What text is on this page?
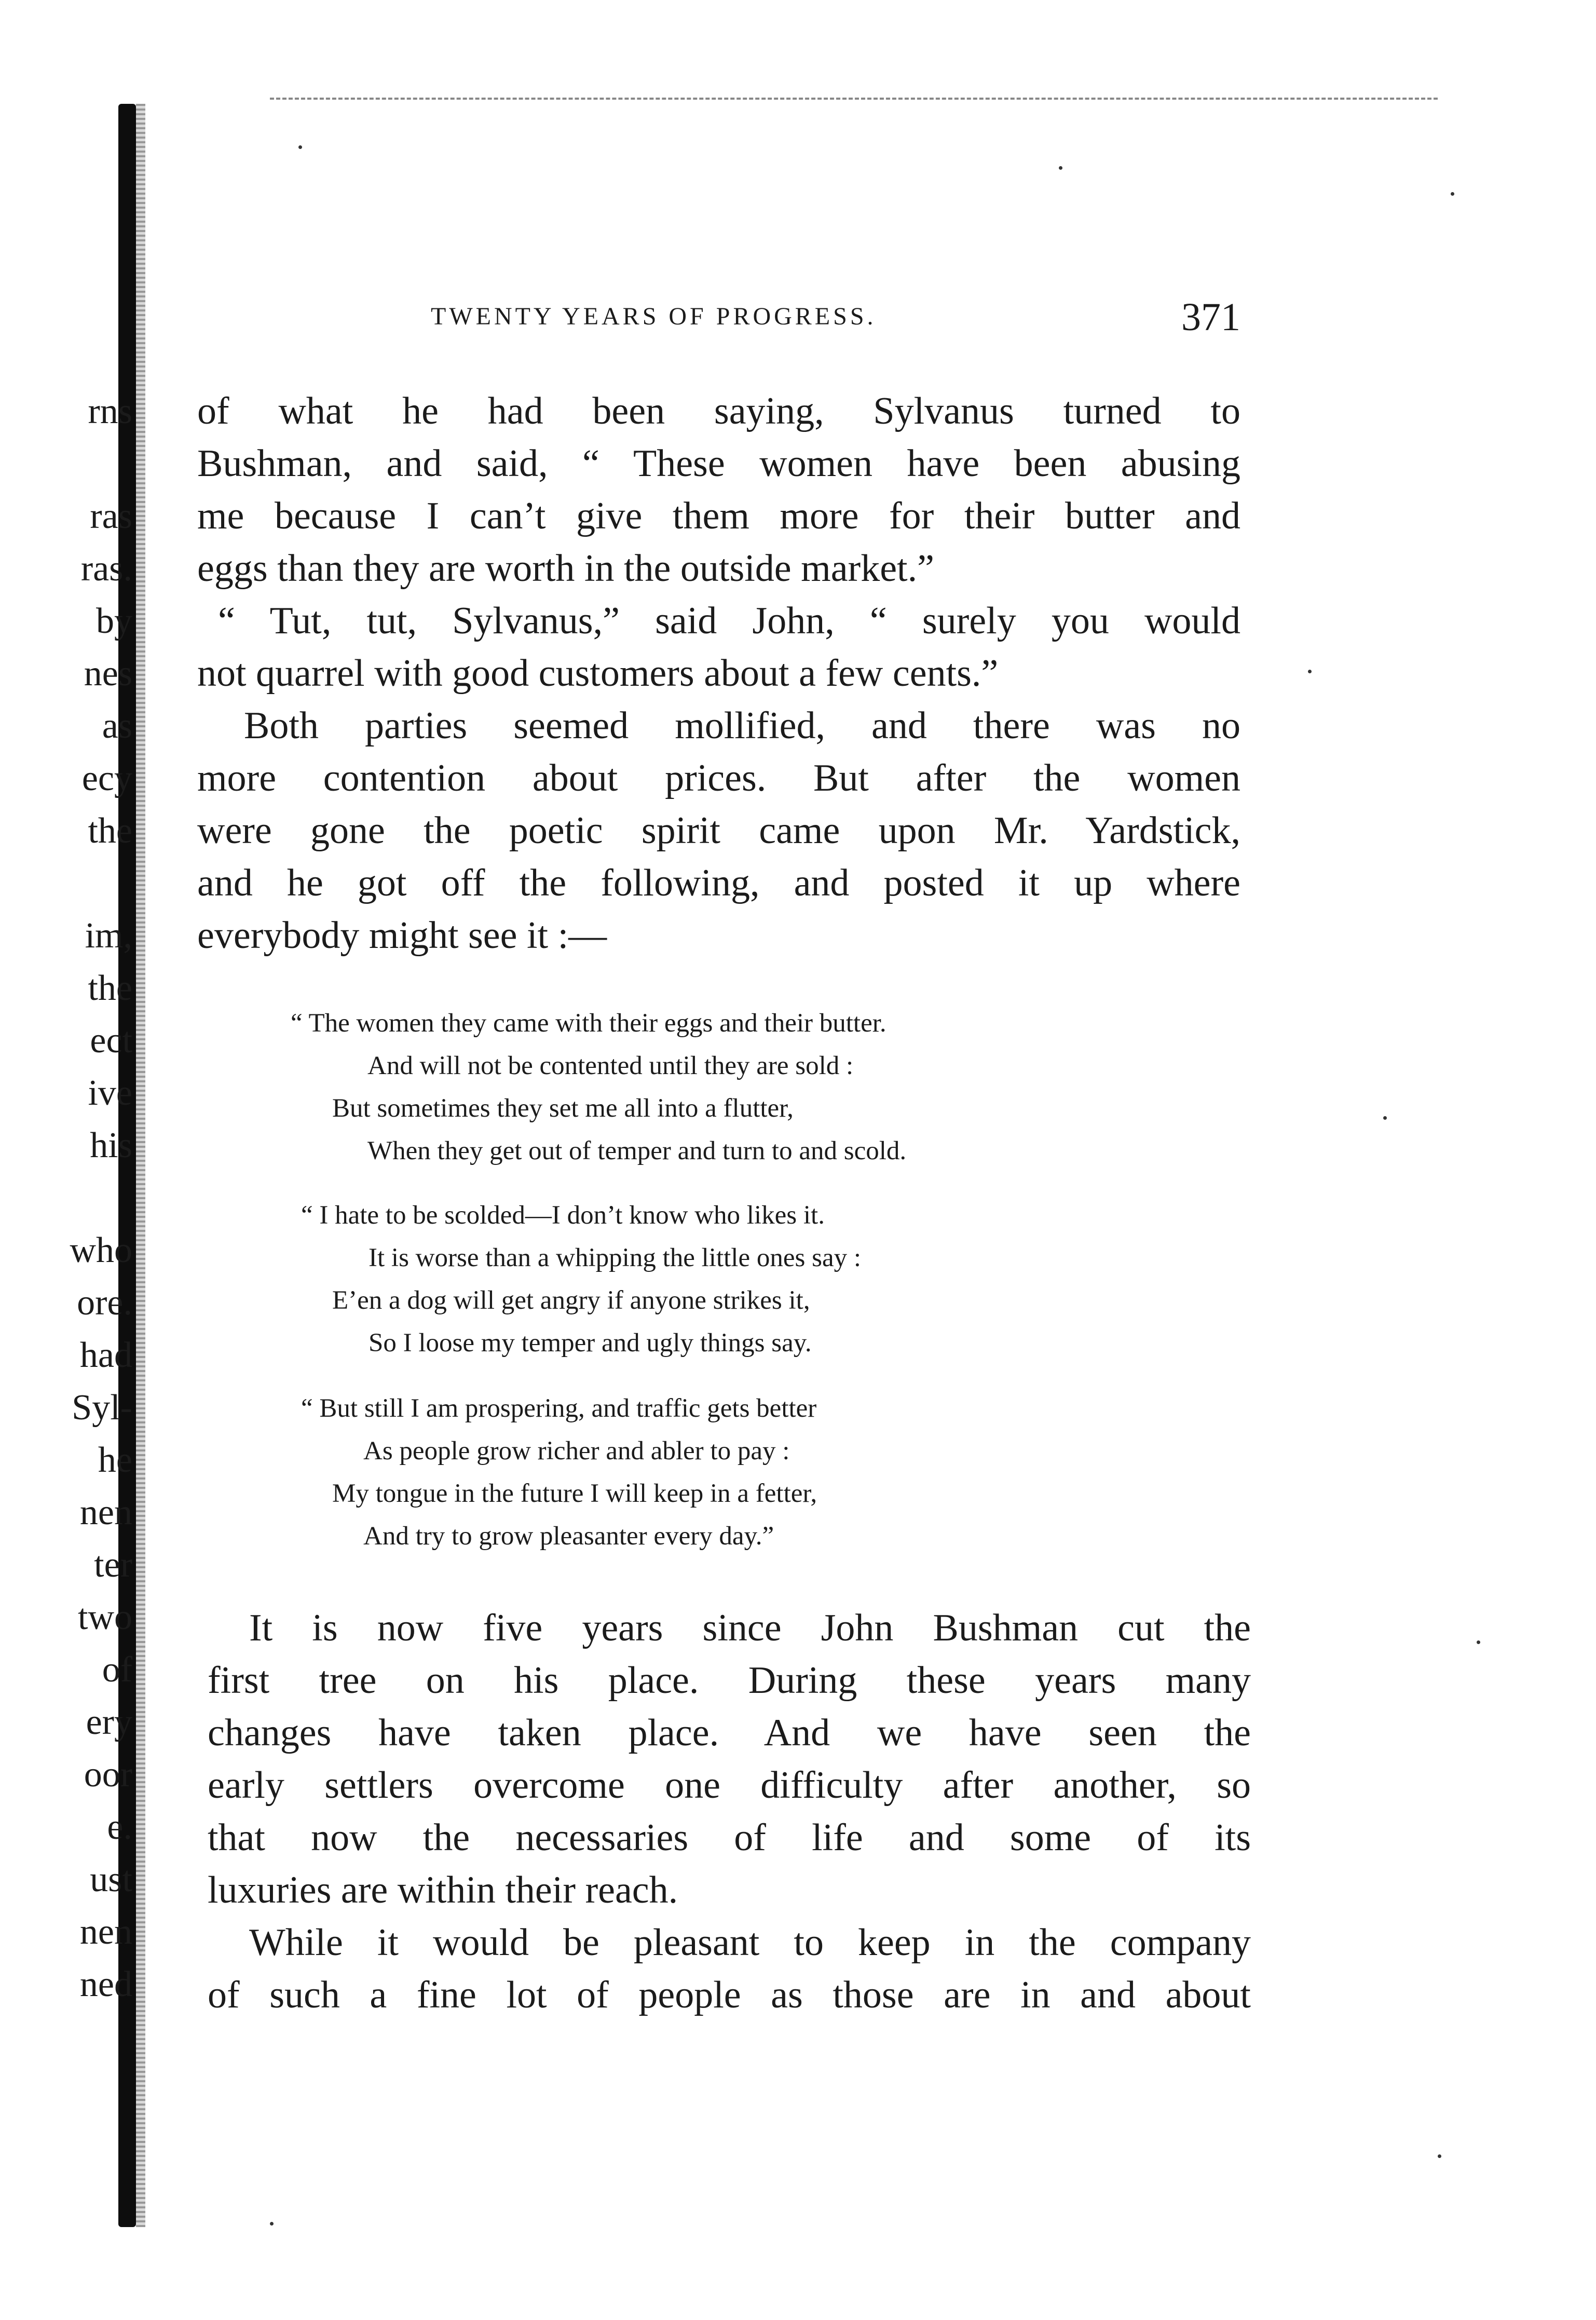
rns
ras
ras.
by
nes
as
ecy
the
im,
the
ect
ive
his
who
ore.
had
Syl-
he
nen
ter
two
of
ery
oor
e.
ust
nen
ned
TWENTY YEARS OF PROGRESS.	371
of what he had been saying, Sylvanus turned to
Bushman, and said, “ These women have been abusing
me because I can’t give them more for their butter and
eggs than they are worth in the outside market.”
“ Tut, tut, Sylvanus,” said John, “ surely you would
not quarrel with good customers about a few cents.”
Both parties seemed mollified, and there was no
more contention about prices. But after the women
were gone the poetic spirit came upon Mr. Yardstick,
and he got off the following, and posted it up where
everybody might see it :—
“ The women they came with their eggs and their butter.
And will not be contented until they are sold :
But sometimes they set me all into a flutter,
When they get out of temper and turn to and scold.
“ I hate to be scolded—I don’t know who likes it.
It is worse than a whipping the little ones say :
E’en a dog will get angry if anyone strikes it,
So I loose my temper and ugly things say.
“ But still I am prospering, and traffic gets better
As people grow richer and abler to pay :
My tongue in the future I will keep in a fetter,
And try to grow pleasanter every day.”
It is now five years since John Bushman cut the
first tree on his place. During these years many
changes have taken place. And we have seen the
early settlers overcome one difficulty after another, so
that now the necessaries of life and some of its
luxuries are within their reach.
While it would be pleasant to keep in the company
of such a fine lot of people as those are in and about
